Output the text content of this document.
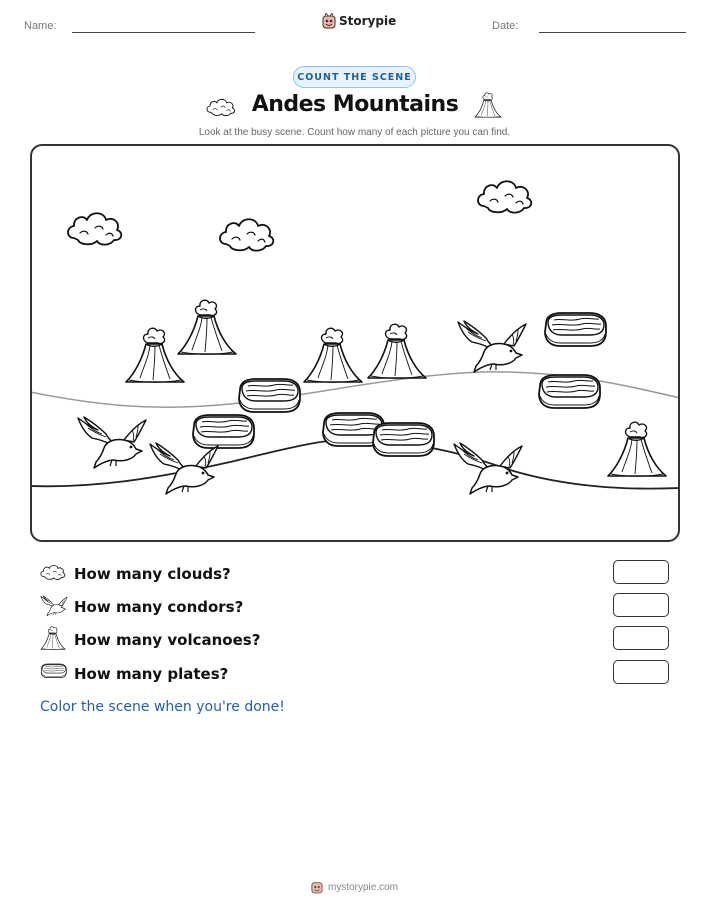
Name:	Storypie	Date:
COUNT THE SCENE
Andes Mountains
Look at the busy scene. Count how many of each picture you can find.
How many clouds?
How many condors?
How many volcanoes?
How many plates?
Color the scene when you're done!
mystorypie.com
